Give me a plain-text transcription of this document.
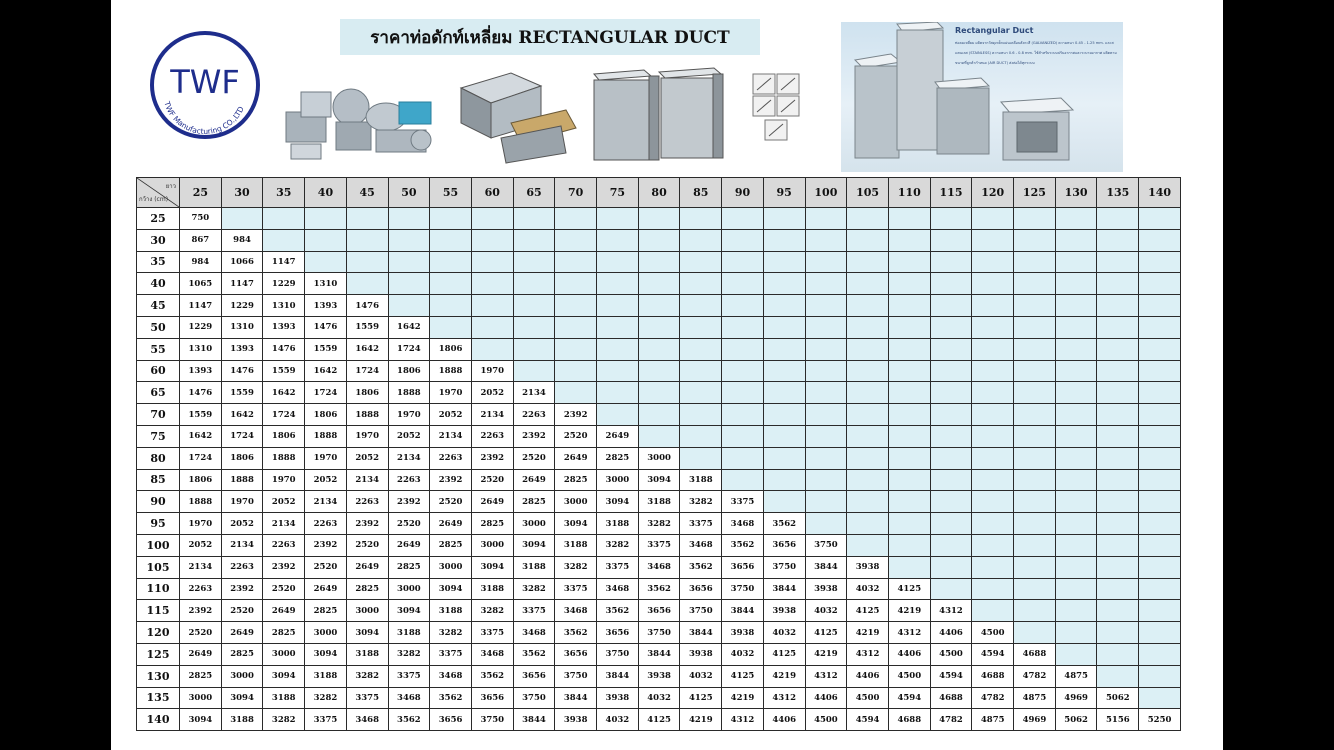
TWF
TWF Manufacturing CO.,LTD
ราคาท่อดักท์เหลี่ยม RECTANGULAR DUCT	Rectangular Duct
ท่อลมเหลี่ยม ผลิตจากวัสดุเหล็กแผ่นเคลือบสังกะสี (GALVANIZED) ความหนา 0.45 - 1.25 mm. และสแตนเลส (STAINLESS) ความหนา 0.6 - 0.8 mm. ใช้สำหรับระบบปรับอากาศและระบายอากาศ ผลิตตามขนาดที่ลูกค้ากำหนด (AIR DUCT) ส่งต่อได้ทุกระบบ
ยาว
กว้าง (cm)	25	30	35	40	45	50	55	60	65	70	75	80	85	90	95	100	105	110	115	120	125	130	135	140
25	750																							
30	867	984																						
35	984	1066	1147																					
40	1065	1147	1229	1310																				
45	1147	1229	1310	1393	1476																			
50	1229	1310	1393	1476	1559	1642																		
55	1310	1393	1476	1559	1642	1724	1806																	
60	1393	1476	1559	1642	1724	1806	1888	1970																
65	1476	1559	1642	1724	1806	1888	1970	2052	2134															
70	1559	1642	1724	1806	1888	1970	2052	2134	2263	2392														
75	1642	1724	1806	1888	1970	2052	2134	2263	2392	2520	2649													
80	1724	1806	1888	1970	2052	2134	2263	2392	2520	2649	2825	3000												
85	1806	1888	1970	2052	2134	2263	2392	2520	2649	2825	3000	3094	3188											
90	1888	1970	2052	2134	2263	2392	2520	2649	2825	3000	3094	3188	3282	3375										
95	1970	2052	2134	2263	2392	2520	2649	2825	3000	3094	3188	3282	3375	3468	3562									
100	2052	2134	2263	2392	2520	2649	2825	3000	3094	3188	3282	3375	3468	3562	3656	3750								
105	2134	2263	2392	2520	2649	2825	3000	3094	3188	3282	3375	3468	3562	3656	3750	3844	3938							
110	2263	2392	2520	2649	2825	3000	3094	3188	3282	3375	3468	3562	3656	3750	3844	3938	4032	4125						
115	2392	2520	2649	2825	3000	3094	3188	3282	3375	3468	3562	3656	3750	3844	3938	4032	4125	4219	4312					
120	2520	2649	2825	3000	3094	3188	3282	3375	3468	3562	3656	3750	3844	3938	4032	4125	4219	4312	4406	4500				
125	2649	2825	3000	3094	3188	3282	3375	3468	3562	3656	3750	3844	3938	4032	4125	4219	4312	4406	4500	4594	4688			
130	2825	3000	3094	3188	3282	3375	3468	3562	3656	3750	3844	3938	4032	4125	4219	4312	4406	4500	4594	4688	4782	4875		
135	3000	3094	3188	3282	3375	3468	3562	3656	3750	3844	3938	4032	4125	4219	4312	4406	4500	4594	4688	4782	4875	4969	5062	
140	3094	3188	3282	3375	3468	3562	3656	3750	3844	3938	4032	4125	4219	4312	4406	4500	4594	4688	4782	4875	4969	5062	5156	5250
